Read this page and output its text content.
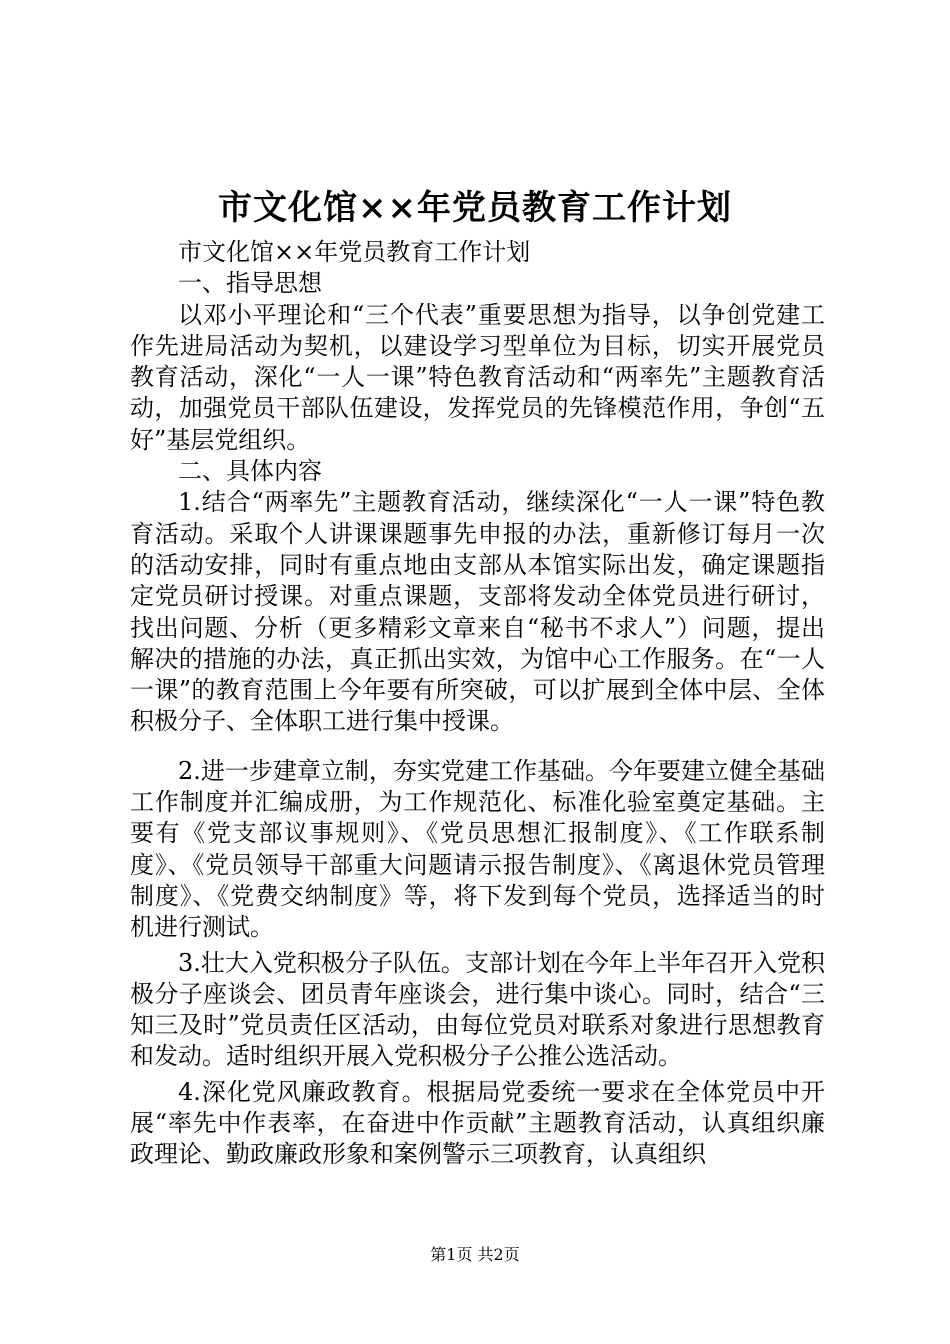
市文化馆××年党员教育工作计划

市文化馆××年党员教育工作计划

一、指导思想

以邓小平理论和“三个代表”重要思想为指导，以争创党建工作先进局活动为契机，以建设学习型单位为目标，切实开展党员教育活动，深化“一人一课”特色教育活动和“两率先”主题教育活动，加强党员干部队伍建设，发挥党员的先锋模范作用，争创“五好”基层党组织。

二、具体内容

1.结合“两率先”主题教育活动，继续深化“一人一课”特色教育活动。采取个人讲课课题事先申报的办法，重新修订每月一次的活动安排，同时有重点地由支部从本馆实际出发，确定课题指定党员研讨授课。对重点课题，支部将发动全体党员进行研讨，找出问题、分析（更多精彩文章来自“秘书不求人”）问题，提出解决的措施的办法，真正抓出实效，为馆中心工作服务。在“一人一课”的教育范围上今年要有所突破，可以扩展到全体中层、全体积极分子、全体职工进行集中授课。

2.进一步建章立制，夯实党建工作基础。今年要建立健全基础工作制度并汇编成册，为工作规范化、标准化验室奠定基础。主要有《党支部议事规则》、《党员思想汇报制度》、《工作联系制度》、《党员领导干部重大问题请示报告制度》、《离退休党员管理制度》、《党费交纳制度》等，将下发到每个党员，选择适当的时机进行测试。

3.壮大入党积极分子队伍。支部计划在今年上半年召开入党积极分子座谈会、团员青年座谈会，进行集中谈心。同时，结合“三知三及时”党员责任区活动，由每位党员对联系对象进行思想教育和发动。适时组织开展入党积极分子公推公选活动。

4.深化党风廉政教育。根据局党委统一要求在全体党员中开展“率先中作表率，在奋进中作贡献”主题教育活动，认真组织廉政理论、勤政廉政形象和案例警示三项教育，认真组织

第1页 共2页
